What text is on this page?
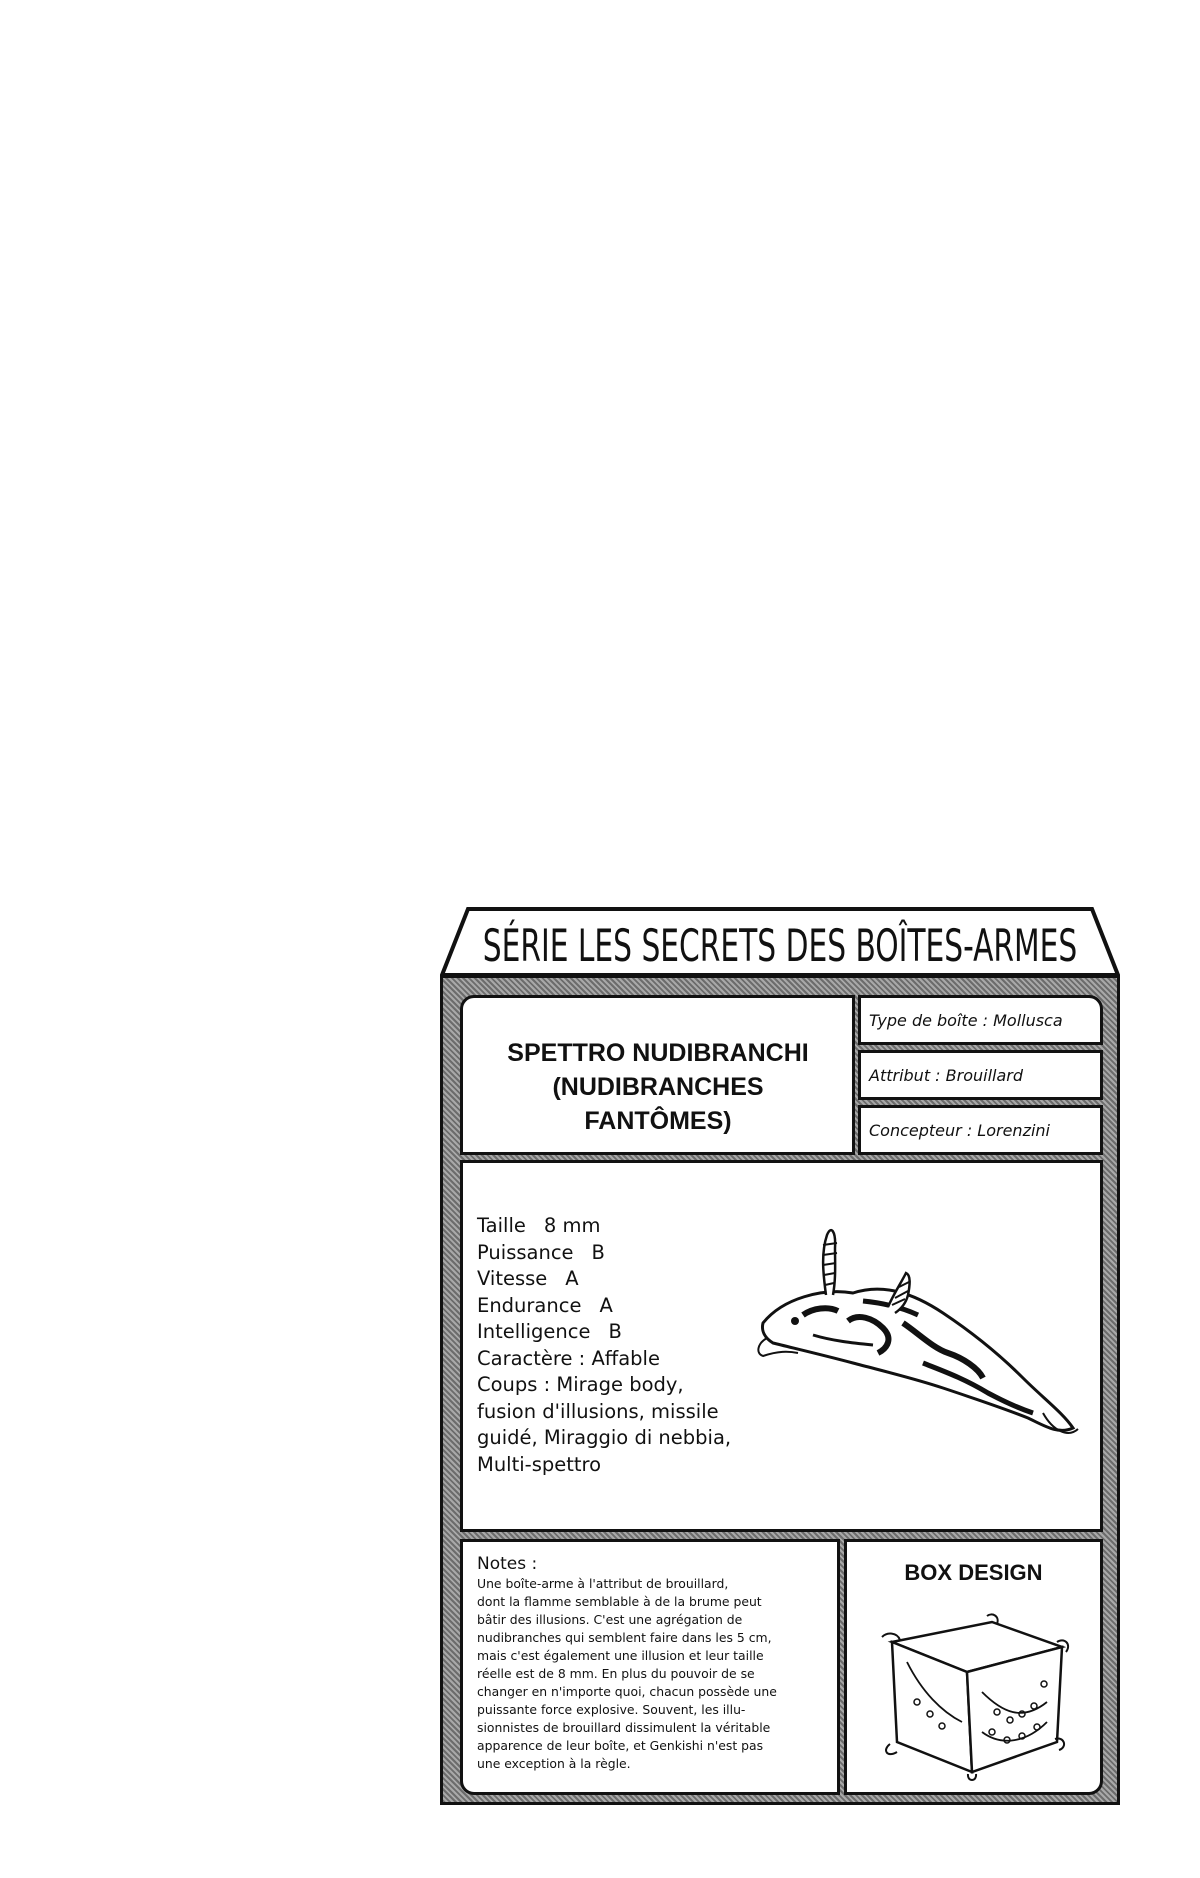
SÉRIE LES SECRETS DES BOÎTES-ARMES
SPETTRO NUDIBRANCHI
(NUDIBRANCHES
FANTÔMES)
Type de boîte : Mollusca
Attribut : Brouillard
Concepteur : Lorenzini
Taille 8 mm
Puissance B
Vitesse A
Endurance A
Intelligence B
Caractère : Affable
Coups : Mirage body,
fusion d'illusions, missile
guidé, Miraggio di nebbia,
Multi-spettro
Notes :
Une boîte-arme à l'attribut de brouillard,
dont la flamme semblable à de la brume peut
bâtir des illusions. C'est une agrégation de
nudibranches qui semblent faire dans les 5 cm,
mais c'est également une illusion et leur taille
réelle est de 8 mm. En plus du pouvoir de se
changer en n'importe quoi, chacun possède une
puissante force explosive. Souvent, les illu-
sionnistes de brouillard dissimulent la véritable
apparence de leur boîte, et Genkishi n'est pas
une exception à la règle.
BOX DESIGN
